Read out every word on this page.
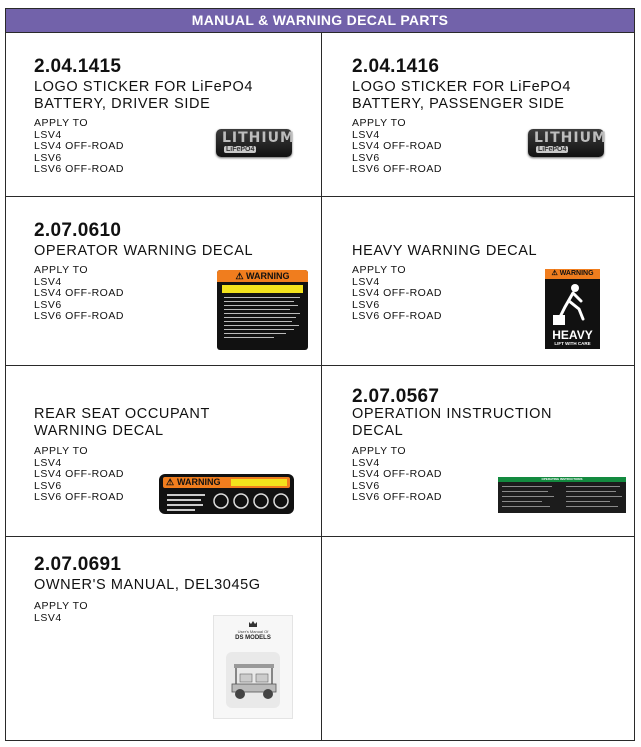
MANUAL & WARNING DECAL PARTS
2.04.1415
LOGO STICKER FOR LiFePO4
BATTERY, DRIVER SIDE
APPLY TO
LSV4
LSV4 OFF-ROAD
LSV6
LSV6 OFF-ROAD
LITHIUM
LiFePO4
2.04.1416
LOGO STICKER FOR LiFePO4
BATTERY, PASSENGER SIDE
APPLY TO
LSV4
LSV4 OFF-ROAD
LSV6
LSV6 OFF-ROAD
LITHIUM
LiFePO4
2.07.0610
OPERATOR WARNING DECAL
APPLY TO
LSV4
LSV4 OFF-ROAD
LSV6
LSV6 OFF-ROAD
⚠ WARNING
HEAVY WARNING DECAL
APPLY TO
LSV4
LSV4 OFF-ROAD
LSV6
LSV6 OFF-ROAD
⚠ WARNING
HEAVY
LIFT WITH CARE
REAR SEAT OCCUPANT
WARNING DECAL
APPLY TO
LSV4
LSV4 OFF-ROAD
LSV6
LSV6 OFF-ROAD
⚠ WARNING
2.07.0567
OPERATION INSTRUCTION
DECAL
APPLY TO
LSV4
LSV4 OFF-ROAD
LSV6
LSV6 OFF-ROAD
OPERATING INSTRUCTIONS
2.07.0691
OWNER'S MANUAL, DEL3045G
APPLY TO
LSV4
User's Manual Of
DS MODELS
